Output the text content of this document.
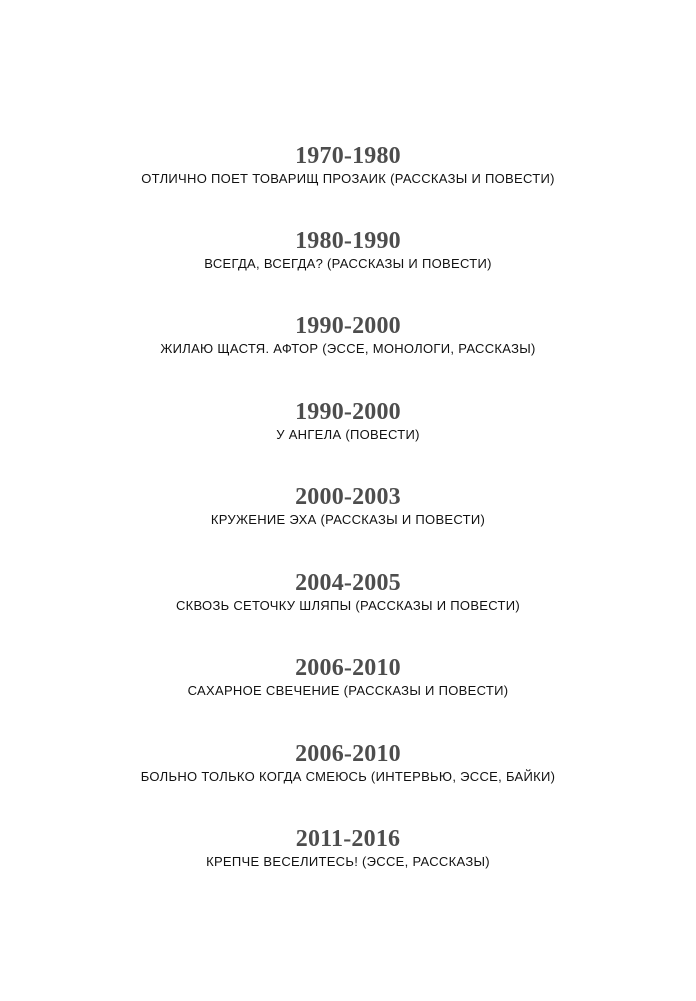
1970-1980
ОТЛИЧНО ПОЕТ ТОВАРИЩ ПРОЗАИК (РАССКАЗЫ И ПОВЕСТИ)
1980-1990
ВСЕГДА, ВСЕГДА? (РАССКАЗЫ И ПОВЕСТИ)
1990-2000
ЖИЛАЮ ЩАСТЯ. АФТОР (ЭССЕ, МОНОЛОГИ, РАССКАЗЫ)
1990-2000
У АНГЕЛА (ПОВЕСТИ)
2000-2003
КРУЖЕНИЕ ЭХА (РАССКАЗЫ И ПОВЕСТИ)
2004-2005
СКВОЗЬ СЕТОЧКУ ШЛЯПЫ (РАССКАЗЫ И ПОВЕСТИ)
2006-2010
САХАРНОЕ СВЕЧЕНИЕ (РАССКАЗЫ И ПОВЕСТИ)
2006-2010
БОЛЬНО ТОЛЬКО КОГДА СМЕЮСЬ (ИНТЕРВЬЮ, ЭССЕ, БАЙКИ)
2011-2016
КРЕПЧЕ ВЕСЕЛИТЕСЬ! (ЭССЕ, РАССКАЗЫ)
